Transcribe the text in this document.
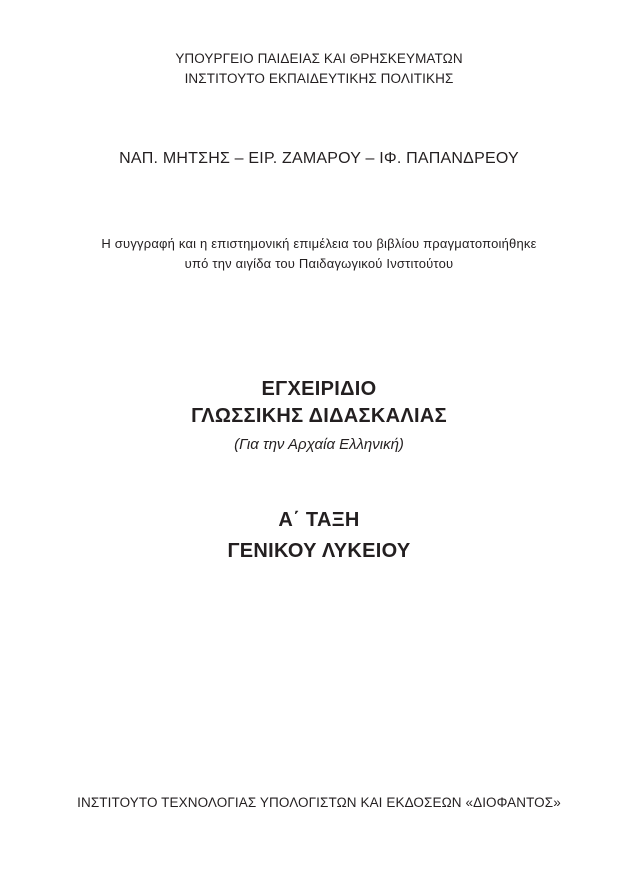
ΥΠΟΥΡΓΕΙΟ ΠΑΙΔΕΙΑΣ ΚΑΙ ΘΡΗΣΚΕΥΜΑΤΩΝ
ΙΝΣΤΙΤΟΥΤΟ ΕΚΠΑΙΔΕΥΤΙΚΗΣ ΠΟΛΙΤΙΚΗΣ
ΝΑΠ. ΜΗΤΣΗΣ – ΕΙΡ. ΖΑΜΑΡΟΥ – ΙΦ. ΠΑΠΑΝΔΡΕΟΥ
Η συγγραφή και η επιστημονική επιμέλεια του βιβλίου πραγματοποιήθηκε
υπό την αιγίδα του Παιδαγωγικού Ινστιτούτου
ΕΓΧΕΙΡΙΔΙΟ
ΓΛΩΣΣΙΚΗΣ ΔΙΔΑΣΚΑΛΙΑΣ
(Για την Αρχαία Ελληνική)
Α΄ ΤΑΞΗ
ΓΕΝΙΚΟΥ ΛΥΚΕΙΟΥ
ΙΝΣΤΙΤΟΥΤΟ ΤΕΧΝΟΛΟΓΙΑΣ ΥΠΟΛΟΓΙΣΤΩΝ ΚΑΙ ΕΚΔΟΣΕΩΝ «ΔΙΟΦΑΝΤΟΣ»
